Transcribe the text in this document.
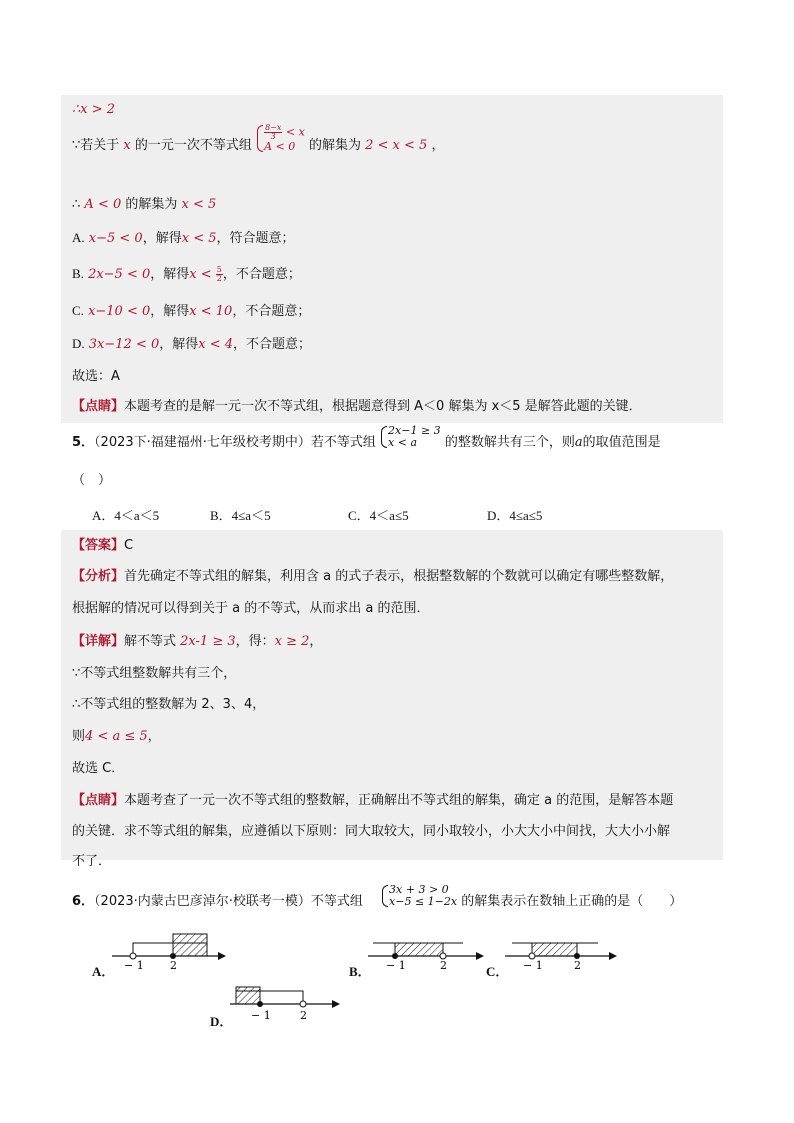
∴x > 2
∵若关于 x 的一元一次不等式组
$\frac{8-x}{3} < x$
A < 0	的解集为 2 < x < 5 ，
∴ A < 0 的解集为 x < 5
A. x−5 < 0，解得x < 5，符合题意；
B. 2x−5 < 0，解得$x < \frac{5}{2}$ ，不合题意；
C. x−10 < 0，解得x < 10，不合题意；
D. 3x−12 < 0，解得x < 4，不合题意；
故选：A
【点睛】本题考查的是解一元一次不等式组，根据题意得到 A＜0 解集为 x＜5 是解答此题的关键．
5．（2023下·福建福州·七年级校考期中）若不等式组
2x−1 ≥ 3
x < a	的整数解共有三个，则a的取值范围是
（　）
A．4＜a＜5	B．4≤a＜5	C．4＜a≤5	D．4≤a≤5
【答案】C
【分析】首先确定不等式组的解集，利用含 a 的式子表示，根据整数解的个数就可以确定有哪些整数解，
根据解的情况可以得到关于 a 的不等式，从而求出 a 的范围．
【详解】解不等式 2x-1 ≥ 3，得：x ≥ 2，
∵不等式组整数解共有三个，
∴不等式组的整数解为 2、3、4，
则4 < a ≤ 5，
故选 C．
【点睛】本题考查了一元一次不等式组的整数解，正确解出不等式组的解集，确定 a 的范围，是解答本题
的关键．求不等式组的解集，应遵循以下原则：同大取较大，同小取较小，小大大小中间找，大大小小解
不了．
6．（2023·内蒙古巴彦淖尔·校联考一模）不等式组
3x + 3 > 0
x−5 ≤ 1−2x 的解集表示在数轴上正确的是（　　）
A． − 1 2	B． − 1	2	C． − 1	2
D． − 1	2
